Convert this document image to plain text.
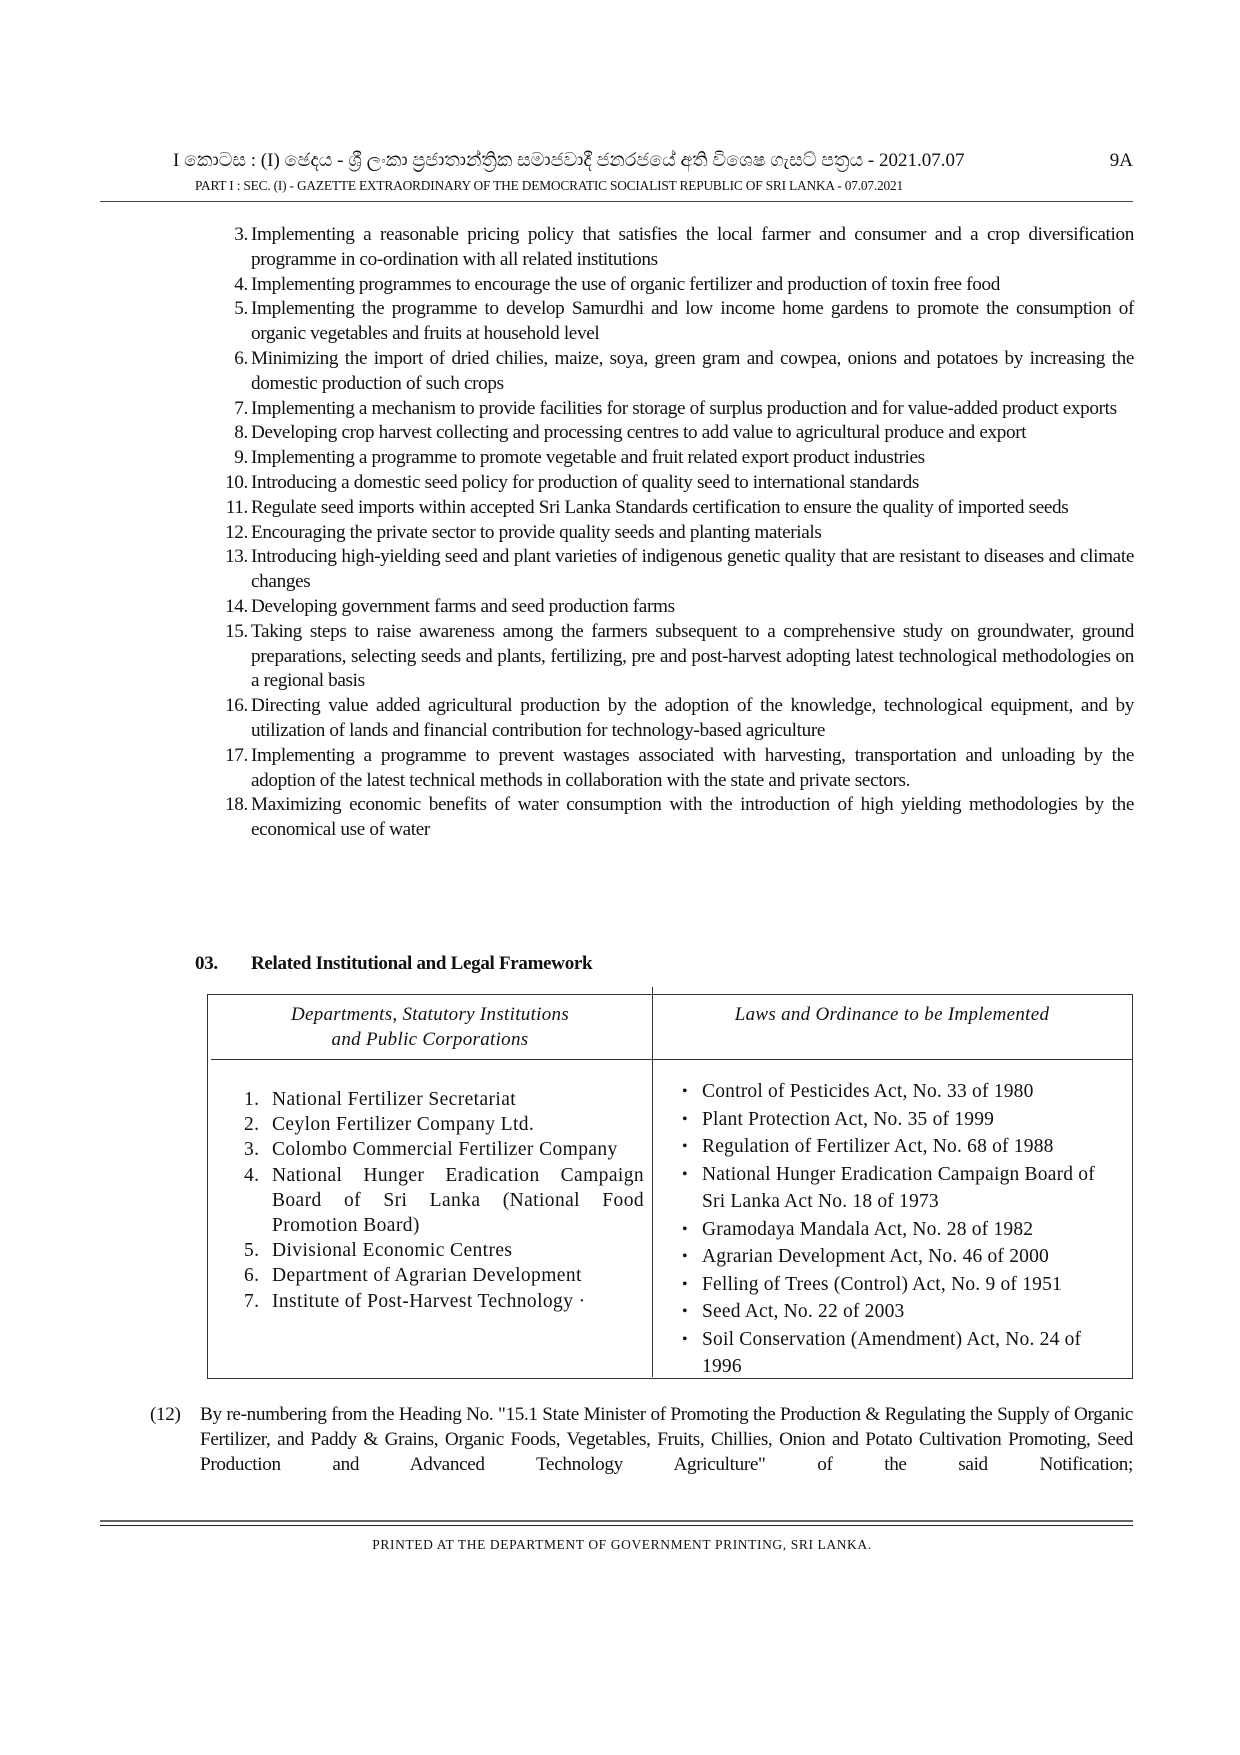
I කොටස : (I) ඡෙදය - ශ්‍රී ලංකා ප්‍රජාතාන්ත්‍රික සමාජවාදී ජනරජයේ අති විශෙෂ ගැසට් පත්‍රය - 2021.07.07	9A
PART I : SEC. (I) - GAZETTE EXTRAORDINARY OF THE DEMOCRATIC SOCIALIST REPUBLIC OF SRI LANKA - 07.07.2021
3. Implementing a reasonable pricing policy that satisfies the local farmer and consumer and a crop diversification programme in co-ordination with all related institutions
4. Implementing programmes to encourage the use of organic fertilizer and production of toxin free food
5. Implementing the programme to develop Samurdhi and low income home gardens to promote the consumption of organic vegetables and fruits at household level
6. Minimizing the import of dried chilies, maize, soya, green gram and cowpea, onions and potatoes by increasing the domestic production of such crops
7. Implementing a mechanism to provide facilities for storage of surplus production and for value-added product exports
8. Developing crop harvest collecting and processing centres to add value to agricultural produce and export
9. Implementing a programme to promote vegetable and fruit related export product industries
10. Introducing a domestic seed policy for production of quality seed to international standards
11. Regulate seed imports within accepted Sri Lanka Standards certification to ensure the quality of imported seeds
12. Encouraging the private sector to provide quality seeds and planting materials
13. Introducing high-yielding seed and plant varieties of indigenous genetic quality that are resistant to diseases and climate changes
14. Developing government farms and seed production farms
15. Taking steps to raise awareness among the farmers subsequent to a comprehensive study on groundwater, ground preparations, selecting seeds and plants, fertilizing, pre and post-harvest adopting latest technological methodologies on a regional basis
16. Directing value added agricultural production by the adoption of the knowledge, technological equipment, and by utilization of lands and financial contribution for technology-based agriculture
17. Implementing a programme to prevent wastages associated with harvesting, transportation and unloading by the adoption of the latest technical methods in collaboration with the state and private sectors.
18. Maximizing economic benefits of water consumption with the introduction of high yielding methodologies by the economical use of water
03. Related Institutional and Legal Framework
Departments, Statutory Institutions
and Public Corporations
Laws and Ordinance to be Implemented
1. National Fertilizer Secretariat
2. Ceylon Fertilizer Company Ltd.
3. Colombo Commercial Fertilizer Company
4. National Hunger Eradication Campaign Board of Sri Lanka (National Food Promotion Board)
5. Divisional Economic Centres
6. Department of Agrarian Development
7. Institute of Post-Harvest Technology ·
• Control of Pesticides Act, No. 33 of 1980
• Plant Protection Act, No. 35 of 1999
• Regulation of Fertilizer Act, No. 68 of 1988
• National Hunger Eradication Campaign Board of Sri Lanka Act No. 18 of 1973
• Gramodaya Mandala Act, No. 28 of 1982
• Agrarian Development Act, No. 46 of 2000
• Felling of Trees (Control) Act, No. 9 of 1951
• Seed Act, No. 22 of 2003
• Soil Conservation (Amendment) Act, No. 24 of 1996
(12)	By re-numbering from the Heading No. "15.1 State Minister of Promoting the Production & Regulating the Supply of Organic Fertilizer, and Paddy & Grains, Organic Foods, Vegetables, Fruits, Chillies, Onion and Potato Cultivation Promoting, Seed Production and Advanced Technology Agriculture" of the said Notification;
PRINTED AT THE DEPARTMENT OF GOVERNMENT PRINTING, SRI LANKA.
